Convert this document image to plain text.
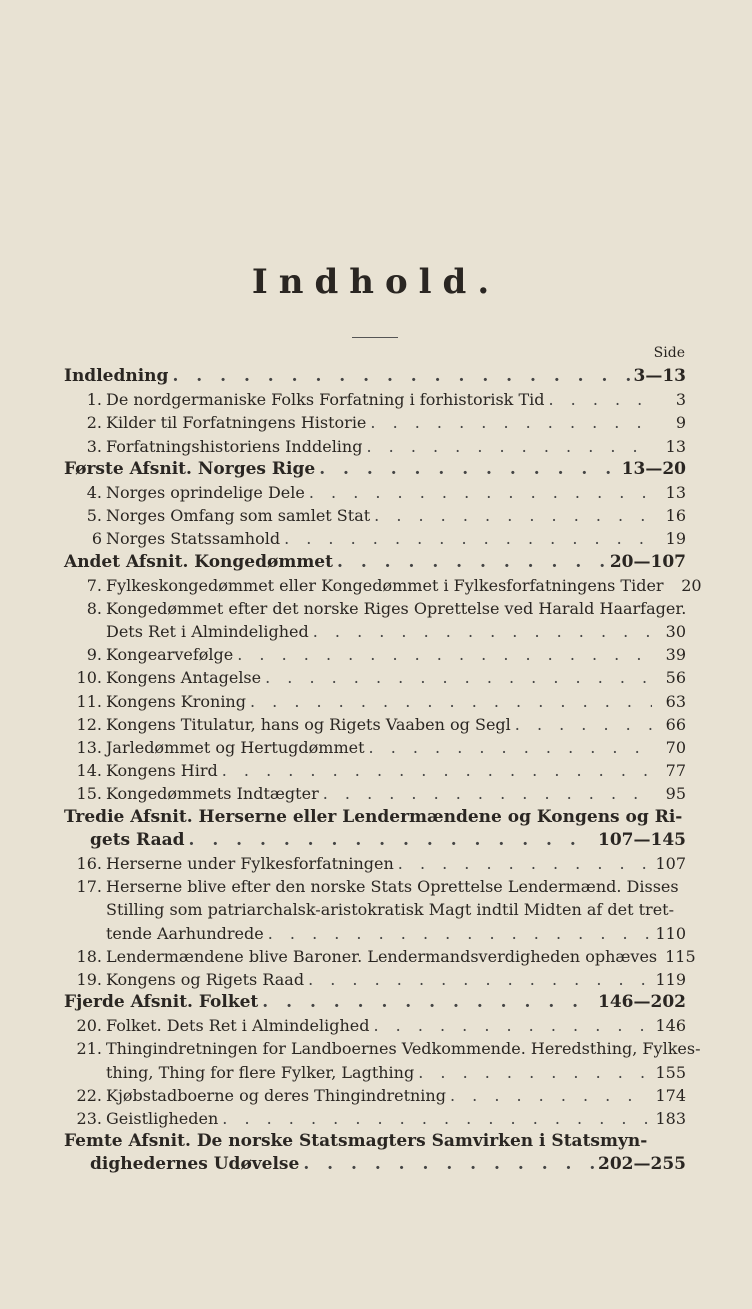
Indhold.
Side
Indledning . . .	3—13
1. De nordgermaniske Folks Forfatning i forhistorisk Tid . . .	3
2. Kilder til Forfatningens Historie . . .	9
3. Forfatningshistoriens Inddeling . . .	13
Første Afsnit. Norges Rige . . .	13—20
4. Norges oprindelige Dele . . .	13
5. Norges Omfang som samlet Stat . . .	16
6 Norges Statssamhold . . .	19
Andet Afsnit. Kongedømmet . . .	20—107
7. Fylkeskongedømmet eller Kongedømmet i Fylkesforfatningens Tider	20
8. Kongedømmet efter det norske Riges Oprettelse ved Harald Haarfager.
Dets Ret i Almindelighed . . .	30
9. Kongearvefølge . . .	39
10. Kongens Antagelse . . .	56
11. Kongens Kroning . . .	63
12. Kongens Titulatur, hans og Rigets Vaaben og Segl . . .	66
13. Jarledømmet og Hertugdømmet . . .	70
14. Kongens Hird . . .	77
15. Kongedømmets Indtægter . . .	95
Tredie Afsnit. Herserne eller Lendermændene og Kongens og Ri-
gets Raad . . .	107—145
16. Herserne under Fylkesforfatningen . . .	107
17. Herserne blive efter den norske Stats Oprettelse Lendermænd. Disses
Stilling som patriarchalsk-aristokratisk Magt indtil Midten af det tret-
tende Aarhundrede . . .	110
18. Lendermændene blive Baroner. Lendermandsverdigheden ophæves 115
19. Kongens og Rigets Raad . . .	119
Fjerde Afsnit. Folket . . .	146—202
20. Folket. Dets Ret i Almindelighed . . .	146
21. Thingindretningen for Landboernes Vedkommende. Heredsthing, Fylkes-
thing, Thing for flere Fylker, Lagthing . . .	155
22. Kjøbstadboerne og deres Thingindretning . . .	174
23. Geistligheden . . .	183
Femte Afsnit. De norske Statsmagters Samvirken i Statsmyn-
dighedernes Udøvelse . . .	202—255
